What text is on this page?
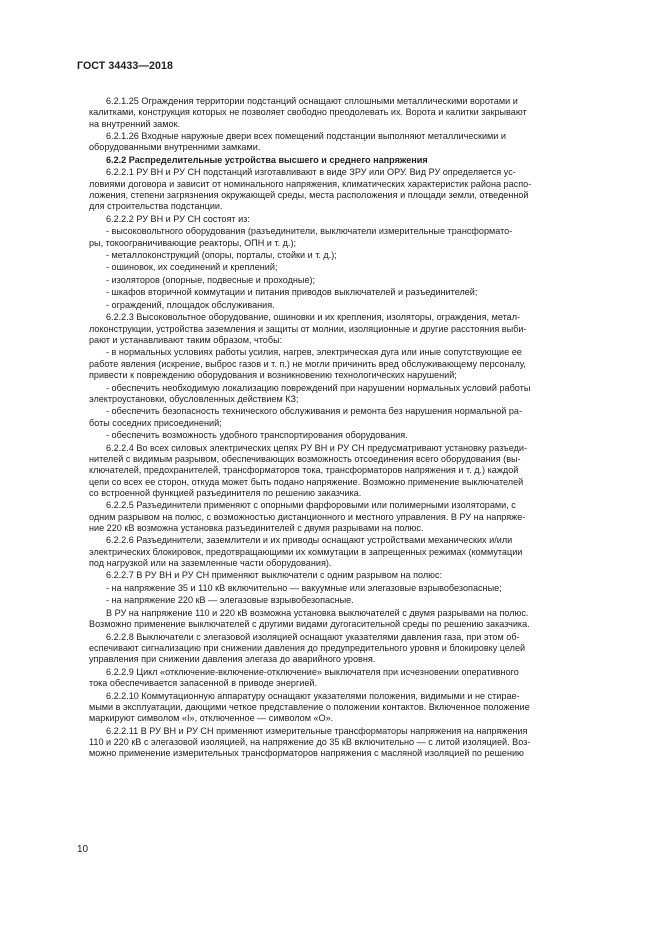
ГОСТ 34433—2018

6.2.1.25 Ограждения территории подстанций оснащают сплошными металлическими воротами и
калитками, конструкция которых не позволяет свободно преодолевать их. Ворота и калитки закрывают
на внутренний замок.

6.2.1.26 Входные наружные двери всех помещений подстанции выполняют металлическими и
оборудованными внутренними замками.

6.2.2 Распределительные устройства высшего и среднего напряжения

6.2.2.1 РУ ВН и РУ СН подстанций изготавливают в виде ЗРУ или ОРУ. Вид РУ определяется ус-
ловиями договора и зависит от номинального напряжения, климатических характеристик района распо-
ложения, степени загрязнения окружающей среды, места расположения и площади земли, отведенной
для строительства подстанции.

6.2.2.2 РУ ВН и РУ СН состоят из:

- высоковольтного оборудования (разъединители, выключатели измерительные трансформато-
ры, токоограничивающие реакторы, ОПН и т. д.);

- металлоконструкций (опоры, порталы, стойки и т. д.);

- ошиновок, их соединений и креплений;

- изоляторов (опорные, подвесные и проходные);

- шкафов вторичной коммутации и питания приводов выключателей и разъединителей;

- ограждений, площадок обслуживания.

6.2.2.3 Высоковольтное оборудование, ошиновки и их крепления, изоляторы, ограждения, метал-
локонструкции, устройства заземления и защиты от молнии, изоляционные и другие расстояния выби-
рают и устанавливают таким образом, чтобы:

- в нормальных условиях работы усилия, нагрев, электрическая дуга или иные сопутствующие ее
работе явления (искрение, выброс газов и т. п.) не могли причинить вред обслуживающему персоналу,
привести к повреждению оборудования и возникновению технологических нарушений;

- обеспечить необходимую локализацию повреждений при нарушении нормальных условий работы
электроустановки, обусловленных действием КЗ;

- обеспечить безопасность технического обслуживания и ремонта без нарушения нормальной ра-
боты соседних присоединений;

- обеспечить возможность удобного транспортирования оборудования.

6.2.2.4 Во всех силовых электрических цепях РУ ВН и РУ СН предусматривают установку разъеди-
нителей с видимым разрывом, обеспечивающих возможность отсоединения всего оборудования (вы-
ключателей, предохранителей, трансформаторов тока, трансформаторов напряжения и т. д.) каждой
цепи со всех ее сторон, откуда может быть подано напряжение. Возможно применение выключателей
со встроенной функцией разъединителя по решению заказчика.

6.2.2.5 Разъединители применяют с опорными фарфоровыми или полимерными изоляторами, с
одним разрывом на полюс, с возможностью дистанционного и местного управления. В РУ на напряже-
ние 220 кВ возможна установка разъединителей с двумя разрывами на полюс.

6.2.2.6 Разъединители, заземлители и их приводы оснащают устройствами механических и/или
электрических блокировок, предотвращающими их коммутации в запрещенных режимах (коммутации
под нагрузкой или на заземленные части оборудования).

6.2.2.7 В РУ ВН и РУ СН применяют выключатели с одним разрывом на полюс:

- на напряжение 35 и 110 кВ включительно — вакуумные или элегазовые взрывобезопасные;

- на напряжение 220 кВ — элегазовые взрывобезопасные.

В РУ на напряжение 110 и 220 кВ возможна установка выключателей с двумя разрывами на полюс.
Возможно применение выключателей с другими видами дугогасительной среды по решению заказчика.

6.2.2.8 Выключатели с элегазовой изоляцией оснащают указателями давления газа, при этом об-
еспечивают сигнализацию при снижении давления до предупредительного уровня и блокировку целей
управления при снижении давления элегаза до аварийного уровня.

6.2.2.9 Цикл «отключение-включение-отключение» выключателя при исчезновении оперативного
тока обеспечивается запасенной в приводе энергией.

6.2.2.10 Коммутационную аппаратуру оснащают указателями положения, видимыми и не стирае-
мыми в эксплуатации, дающими четкое представление о положении контактов. Включенное положение
маркируют символом «I», отключенное — символом «О».

6.2.2.11 В РУ ВН и РУ СН применяют измерительные трансформаторы напряжения на напряжения
110 и 220 кВ с элегазовой изоляцией, на напряжение до 35 кВ включительно — с литой изоляцией. Воз-
можно применение измерительных трансформаторов напряжения с масляной изоляцией по решению

10
